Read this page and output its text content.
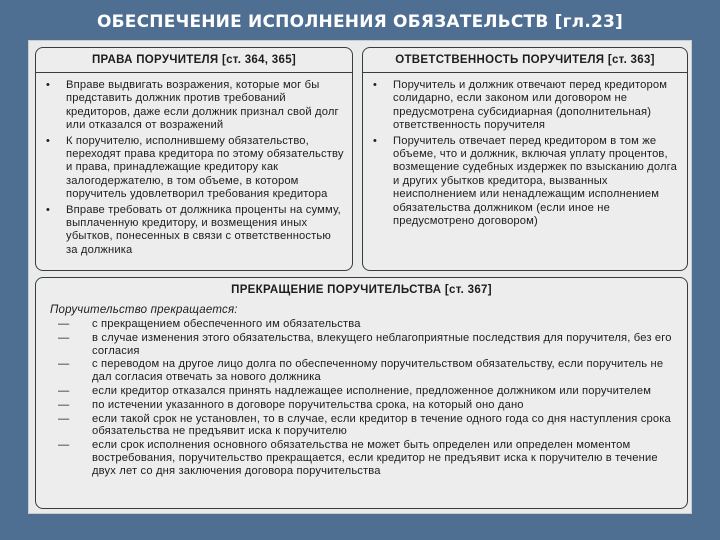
ОБЕСПЕЧЕНИЕ ИСПОЛНЕНИЯ ОБЯЗАТЕЛЬСТВ [гл.23]
ПРАВА ПОРУЧИТЕЛЯ [ст. 364, 365]
• Вправе выдвигать возражения, которые мог бы представить должник против требований кредиторов, даже если должник признал свой долг или отказался от возражений
• К поручителю, исполнившему обязательство, переходят права кредитора по этому обязательству и права, принадлежащие кредитору как залогодержателю, в том объеме, в котором поручитель удовлетворил требования кредитора
• Вправе требовать от должника проценты на сумму, выплаченную кредитору, и возмещения иных убытков, понесенных в связи с ответственностью за должника
ОТВЕТСТВЕННОСТЬ ПОРУЧИТЕЛЯ [ст. 363]
• Поручитель и должник отвечают перед кредитором солидарно, если законом или договором не предусмотрена субсидиарная (дополнительная) ответственность поручителя
• Поручитель отвечает перед кредитором в том же объеме, что и должник, включая уплату процентов, возмещение судебных издержек по взысканию долга и других убытков кредитора, вызванных неисполнением или ненадлежащим исполнением обязательства должником (если иное не предусмотрено договором)
ПРЕКРАЩЕНИЕ ПОРУЧИТЕЛЬСТВА [ст. 367]
Поручительство прекращается:
— с прекращением обеспеченного им обязательства
— в случае изменения этого обязательства, влекущего неблагоприятные последствия для поручителя, без его согласия
— с переводом на другое лицо долга по обеспеченному поручительством обязательству, если поручитель не дал согласия отвечать за нового должника
— если кредитор отказался принять надлежащее исполнение, предложенное должником или поручителем
— по истечении указанного в договоре поручительства срока, на который оно дано
— если такой срок не установлен, то в случае, если кредитор в течение одного года со дня наступления срока обязательства не предъявит иска к поручителю
— если срок исполнения основного обязательства не может быть определен или определен моментом востребования, поручительство прекращается, если кредитор не предъявит иска к поручителю в течение двух лет со дня заключения договора поручительства
